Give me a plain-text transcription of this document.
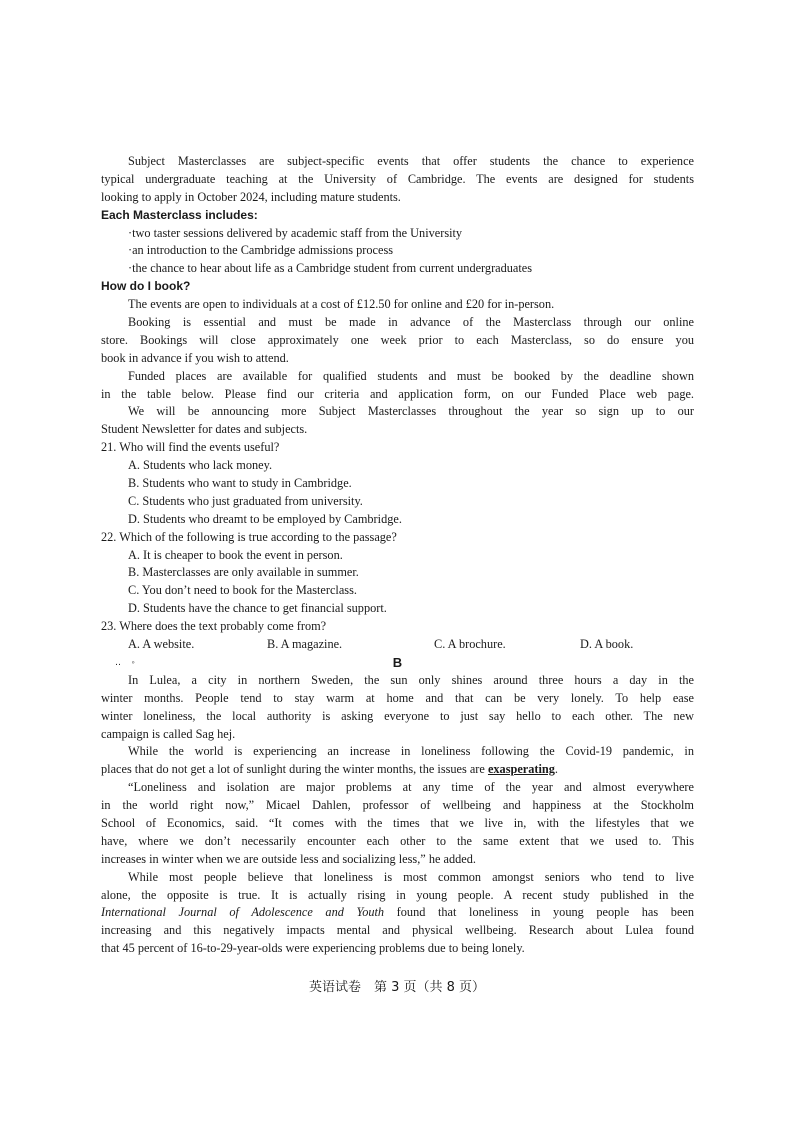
Subject Masterclasses are subject-specific events that offer students the chance to experience
typical undergraduate teaching at the University of Cambridge. The events are designed for students
looking to apply in October 2024, including mature students.
Each Masterclass includes:
·two taster sessions delivered by academic staff from the University
·an introduction to the Cambridge admissions process
·the chance to hear about life as a Cambridge student from current undergraduates
How do I book?
The events are open to individuals at a cost of £12.50 for online and £20 for in-person.
Booking is essential and must be made in advance of the Masterclass through our online
store. Bookings will close approximately one week prior to each Masterclass, so do ensure you
book in advance if you wish to attend.
Funded places are available for qualified students and must be booked by the deadline shown
in the table below. Please find our criteria and application form, on our Funded Place web page.
We will be announcing more Subject Masterclasses throughout the year so sign up to our
Student Newsletter for dates and subjects.
21. Who will find the events useful?
A. Students who lack money.
B. Students who want to study in Cambridge.
C. Students who just graduated from university.
D. Students who dreamt to be employed by Cambridge.
22. Which of the following is true according to the passage?
A. It is cheaper to book the event in person.
B. Masterclasses are only available in summer.
C. You don’t need to book for the Masterclass.
D. Students have the chance to get financial support.
23. Where does the text probably come from?
A. A website.	B. A magazine.	C. A brochure.	D. A book.
‥ ◦	B
In Lulea, a city in northern Sweden, the sun only shines around three hours a day in the
winter months. People tend to stay warm at home and that can be very lonely. To help ease
winter loneliness, the local authority is asking everyone to just say hello to each other. The new
campaign is called Sag hej.
While the world is experiencing an increase in loneliness following the Covid-19 pandemic, in
places that do not get a lot of sunlight during the winter months, the issues are exasperating.
“Loneliness and isolation are major problems at any time of the year and almost everywhere
in the world right now,” Micael Dahlen, professor of wellbeing and happiness at the Stockholm
School of Economics, said. “It comes with the times that we live in, with the lifestyles that we
have, where we don’t necessarily encounter each other to the same extent that we used to. This
increases in winter when we are outside less and socializing less,” he added.
While most people believe that loneliness is most common amongst seniors who tend to live
alone, the opposite is true. It is actually rising in young people. A recent study published in the
International Journal of Adolescence and Youth found that loneliness in young people has been
increasing and this negatively impacts mental and physical wellbeing. Research about Lulea found
that 45 percent of 16-to-29-year-olds were experiencing problems due to being lonely.
英语试卷　第 3 页（共 8 页）
